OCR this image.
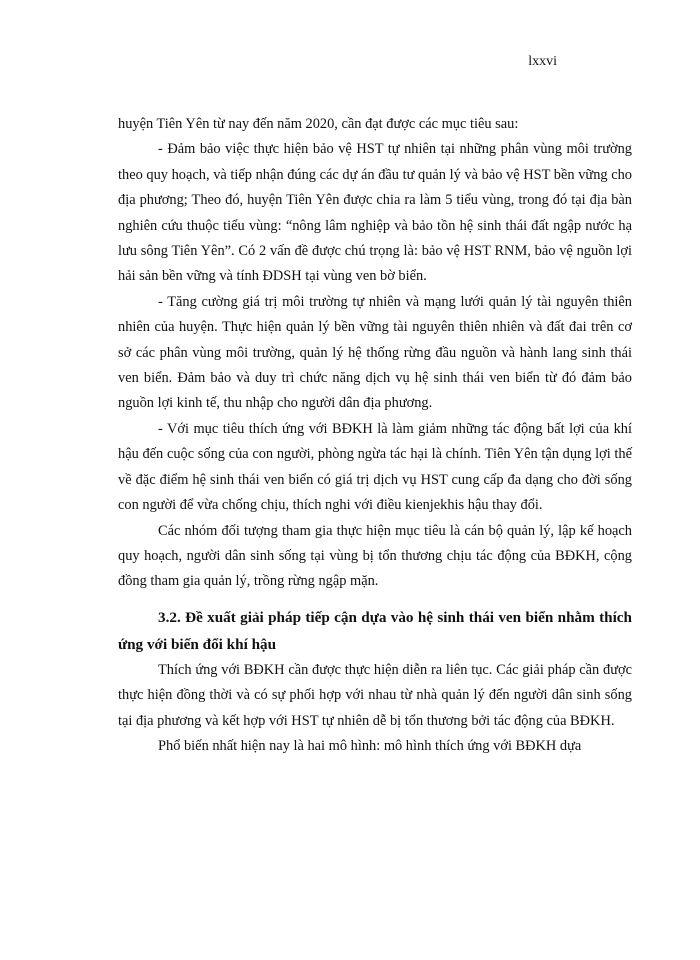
lxxvi

huyện Tiên Yên từ nay đến năm 2020, cần đạt được các mục tiêu sau:

- Đảm bảo việc thực hiện bảo vệ HST tự nhiên tại những phân vùng môi trường theo quy hoạch, và tiếp nhận đúng các dự án đầu tư quản lý và bảo vệ HST bền vững cho địa phương; Theo đó, huyện Tiên Yên được chia ra làm 5 tiểu vùng, trong đó tại địa bàn nghiên cứu thuộc tiểu vùng: “nông lâm nghiệp và bảo tồn hệ sinh thái đất ngập nước hạ lưu sông Tiên Yên”. Có 2 vấn đề được chú trọng là: bảo vệ HST RNM, bảo vệ nguồn lợi hải sản bền vững và tính ĐDSH tại vùng ven bờ biển.

- Tăng cường giá trị môi trường tự nhiên và mạng lưới quản lý tài nguyên thiên nhiên của huyện. Thực hiện quản lý bền vững tài nguyên thiên nhiên và đất đai trên cơ sở các phân vùng môi trường, quản lý hệ thống rừng đầu nguồn và hành lang sinh thái ven biển. Đảm bảo và duy trì chức năng dịch vụ hệ sinh thái ven biển từ đó đảm bảo nguồn lợi kinh tế, thu nhập cho người dân địa phương.

- Với mục tiêu thích ứng với BĐKH là làm giảm những tác động bất lợi của khí hậu đến cuộc sống của con người, phòng ngừa tác hại là chính. Tiên Yên tận dụng lợi thế về đặc điểm hệ sinh thái ven biển có giá trị dịch vụ HST cung cấp đa dạng cho đời sống con người để vừa chống chịu, thích nghi với điều kienjekhis hậu thay đổi.

Các nhóm đối tượng tham gia thực hiện mục tiêu là cán bộ quản lý, lập kế hoạch quy hoạch, người dân sinh sống tại vùng bị tổn thương chịu tác động của BĐKH, cộng đồng tham gia quản lý, trồng rừng ngập mặn.

3.2. Đề xuất giải pháp tiếp cận dựa vào hệ sinh thái ven biển nhằm thích ứng với biến đổi khí hậu

Thích ứng với BĐKH cần được thực hiện diễn ra liên tục. Các giải pháp cần được thực hiện đồng thời và có sự phối hợp với nhau từ nhà quản lý đến người dân sinh sống tại địa phương và kết hợp với HST tự nhiên dễ bị tổn thương bởi tác động của BĐKH.

Phổ biến nhất hiện nay là hai mô hình: mô hình thích ứng với BĐKH dựa
